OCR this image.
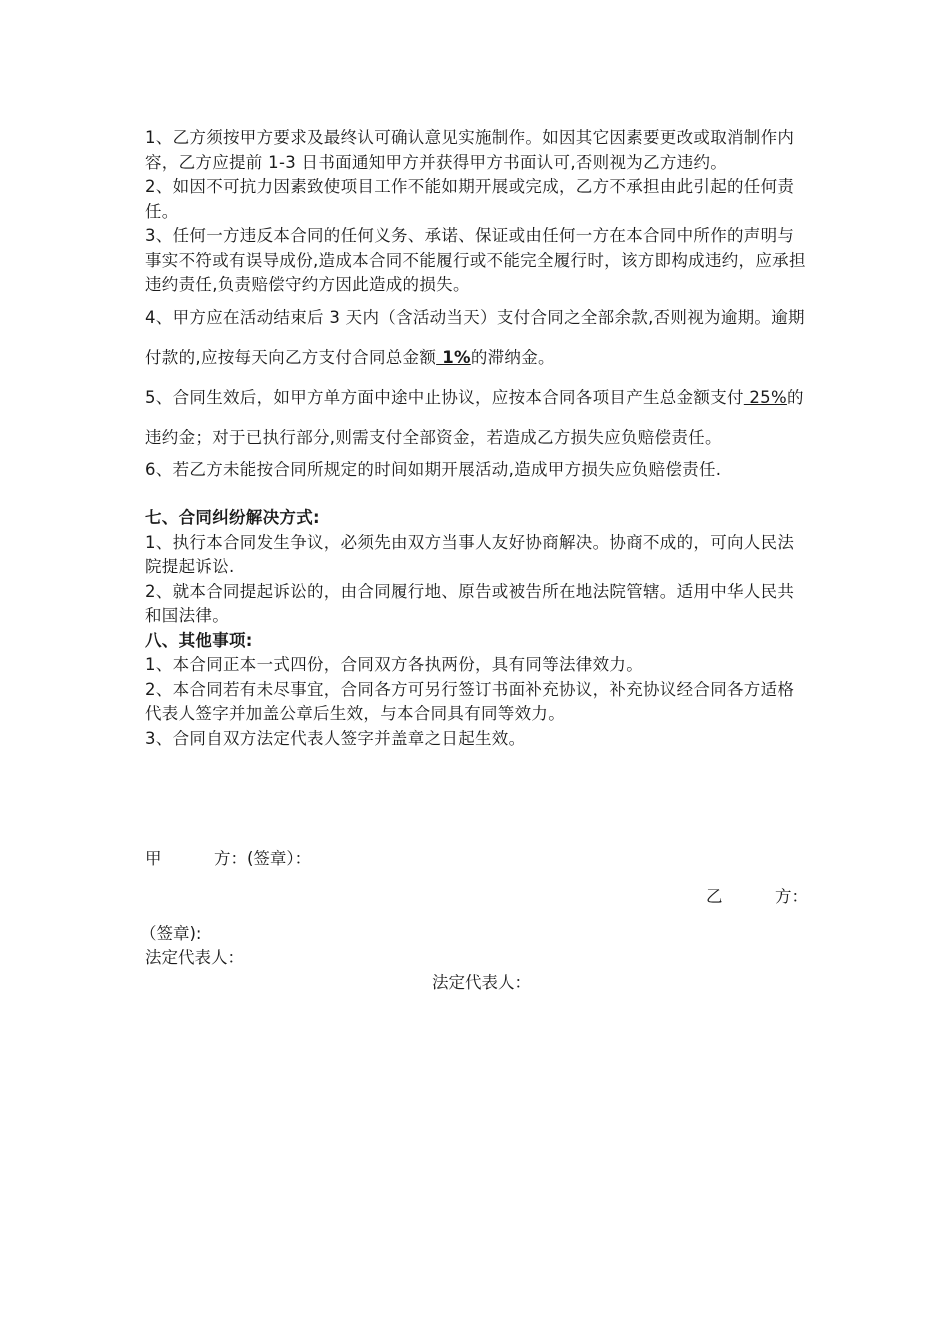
1、乙方须按甲方要求及最终认可确认意见实施制作。如因其它因素要更改或取消制作内容，乙方应提前 1-3 日书面通知甲方并获得甲方书面认可,否则视为乙方违约。

2、如因不可抗力因素致使项目工作不能如期开展或完成，乙方不承担由此引起的任何责任。

3、任何一方违反本合同的任何义务、承诺、保证或由任何一方在本合同中所作的声明与事实不符或有误导成份,造成本合同不能履行或不能完全履行时，该方即构成违约，应承担违约责任,负责赔偿守约方因此造成的损失。

4、甲方应在活动结束后 3 天内（含活动当天）支付合同之全部余款,否则视为逾期。逾期付款的,应按每天向乙方支付合同总金额 1%的滞纳金。

5、合同生效后，如甲方单方面中途中止协议，应按本合同各项目产生总金额支付 25%的违约金；对于已执行部分,则需支付全部资金，若造成乙方损失应负赔偿责任。

6、若乙方未能按合同所规定的时间如期开展活动,造成甲方损失应负赔偿责任.

七、合同纠纷解决方式:

1、执行本合同发生争议，必须先由双方当事人友好协商解决。协商不成的，可向人民法院提起诉讼.

2、就本合同提起诉讼的，由合同履行地、原告或被告所在地法院管辖。适用中华人民共和国法律。

八、其他事项:

1、本合同正本一式四份，合同双方各执两份，具有同等法律效力。

2、本合同若有未尽事宜，合同各方可另行签订书面补充协议，补充协议经合同各方适格代表人签字并加盖公章后生效，与本合同具有同等效力。

3、合同自双方法定代表人签字并盖章之日起生效。

甲          方：(签章）：
乙          方：
（签章):
法定代表人：
法定代表人：
